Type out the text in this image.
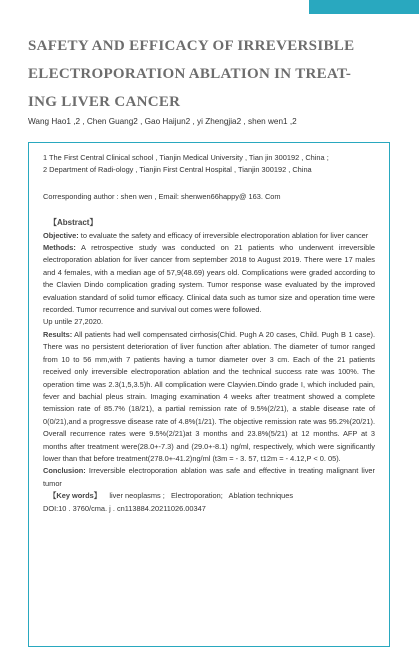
SAFETY AND EFFICACY OF IRREVERSIBLE
ELECTROPORATION ABLATION IN TREAT-
ING LIVER CANCER
Wang Hao1 ,2 , Chen Guang2 , Gao Haijun2 , yi Zhengjia2 , shen wen1 ,2

1 The First Central Clinical school , Tianjin Medical University , Tian jin 300192 , China ;

2 Department of Radi-ology , Tianjin First Central Hospital , Tianjin 300192 , China

Corresponding author : shen wen , Email: shenwen66happy@ 163. Com

【Abstract】

Objective: to evaluate the safety and efficacy of irreversible electroporation ablation for liver cancer

Methods: A retrospective study was conducted on 21 patients who underwent irreversible electroporation ablation for liver cancer from september 2018 to August 2019. There were 17 males and 4 females, with a median age of 57,9(48.69) years old. Complications were graded according to the Clavien Dindo complication grading system. Tumor response wase evaluated by the improved evaluation standard of solid tumor efficacy. Clinical data such as tumor size and operation time were recorded. Tumor recurrence and survival out comes were followed.

Up untile 27,2020.

Results: All patients had well compensated cirrhosis(Chid. Pugh A 20 cases, Child. Pugh B 1 case). There was no persistent deterioration of liver function after ablation. The diameter of tumor ranged from 10 to 56 mm,with 7 patients having a tumor diameter over 3 cm. Each of the 21 patients received only irreversible electroporation ablation and the technical success rate was 100%. The operation time was 2.3(1,5,3.5)h. All complication were Clayvien.Dindo grade I, which included pain, fever and bachial pleus strain. Imaging examination 4 weeks after treatment showed a complete temission rate of 85.7% (18/21), a partial remission rate of 9.5%(2/21), a stable disease rate of 0(0/21),and a progressve disease rate of 4.8%(1/21). The objective remission rate was 95.2%(20/21). Overall recurrence rates were 9.5%(2/21)at 3 months and 23.8%(5/21) at 12 months. AFP at 3 months after treatment were(28.0+-7.3) and (29.0+-8.1) ng/ml, respectively, which were significantly lower than that before treatment(278.0+-41.2)ng/ml (t3m = - 3. 57, t12m = - 4.12,P < 0. 05).

Conclusion: Irreversible electroporation ablation was safe and effective in treating malignant liver tumor

【Key words】    liver neoplasms ;   Electroporation;   Ablation techniques

DOI:10 . 3760/cma. j . cn113884.20211026.00347
